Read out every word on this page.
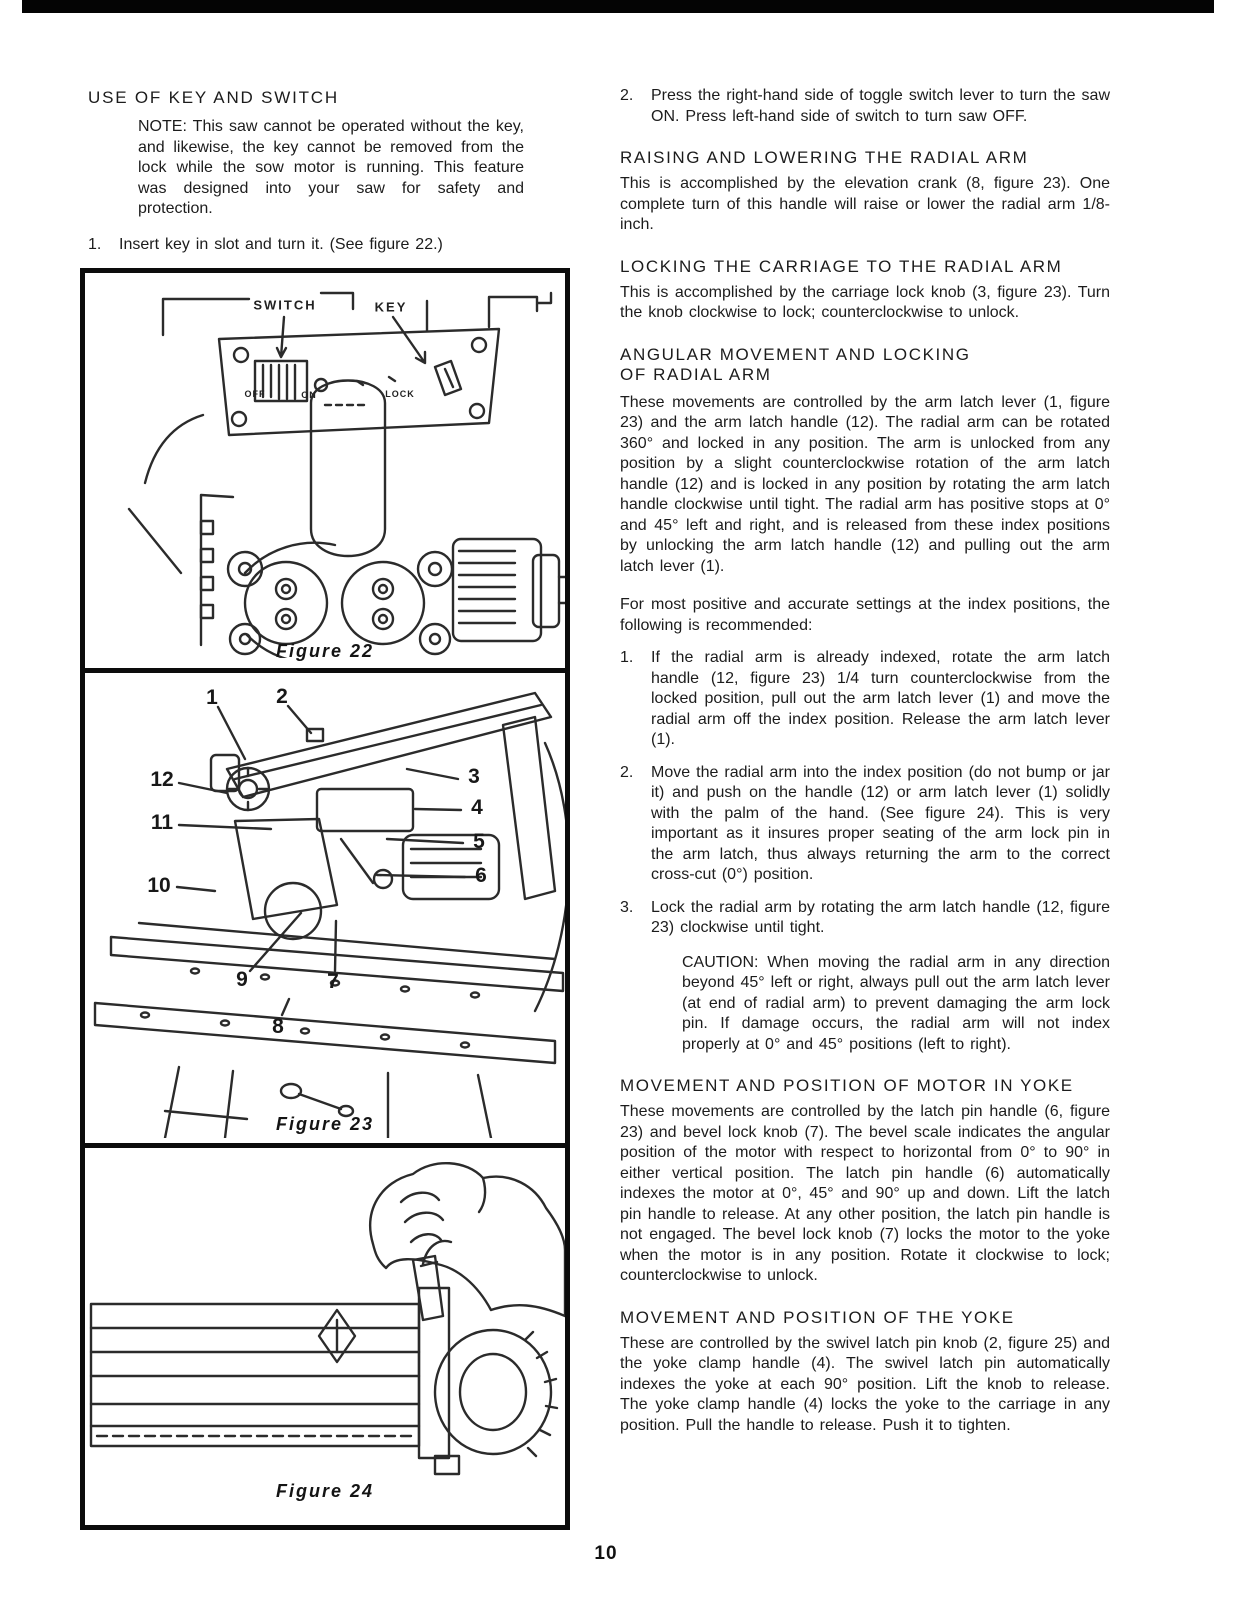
USE OF KEY AND SWITCH

NOTE: This saw cannot be operated without the key, and likewise, the key cannot be removed from the lock while the sow motor is running. This feature was designed into your saw for safety and protection.

1.	Insert key in slot and turn it. (See figure 22.)

SWITCH	KEY
OFF	ON	LOCK
Figure 22
1	2
12
11
10
3
4
5
6
9	7
8
Figure 23
Figure 24
2.	Press the right-hand side of toggle switch lever to turn the saw ON. Press left-hand side of switch to turn saw OFF.

RAISING AND LOWERING THE RADIAL ARM

This is accomplished by the elevation crank (8, figure 23). One complete turn of this handle will raise or lower the radial arm 1/8-inch.

LOCKING THE CARRIAGE TO THE RADIAL ARM

This is accomplished by the carriage lock knob (3, figure 23). Turn the knob clockwise to lock; counterclockwise to unlock.

ANGULAR MOVEMENT AND LOCKING
OF RADIAL ARM

These movements are controlled by the arm latch lever (1, figure 23) and the arm latch handle (12). The radial arm can be rotated 360° and locked in any position. The arm is unlocked from any position by a slight counterclockwise rotation of the arm latch handle (12) and is locked in any position by rotating the arm latch handle clockwise until tight. The radial arm has positive stops at 0° and 45° left and right, and is released from these index positions by unlocking the arm latch handle (12) and pulling out the arm latch lever (1).

For most positive and accurate settings at the index positions, the following is recommended:

1.	If the radial arm is already indexed, rotate the arm latch handle (12, figure 23) 1/4 turn counterclockwise from the locked position, pull out the arm latch lever (1) and move the radial arm off the index position. Release the arm latch lever (1).

2.	Move the radial arm into the index position (do not bump or jar it) and push on the handle (12) or arm latch lever (1) solidly with the palm of the hand. (See figure 24). This is very important as it insures proper seating of the arm lock pin in the arm latch, thus always returning the arm to the correct cross-cut (0°) position.

3.	Lock the radial arm by rotating the arm latch handle (12, figure 23) clockwise until tight.

CAUTION: When moving the radial arm in any direction beyond 45° left or right, always pull out the arm latch lever (at end of radial arm) to prevent damaging the arm lock pin. If damage occurs, the radial arm will not index properly at 0° and 45° positions (left to right).

MOVEMENT AND POSITION OF MOTOR IN YOKE

These movements are controlled by the latch pin handle (6, figure 23) and bevel lock knob (7). The bevel scale indicates the angular position of the motor with respect to horizontal from 0° to 90° in either vertical position. The latch pin handle (6) automatically indexes the motor at 0°, 45° and 90° up and down. Lift the latch pin handle to release. At any other position, the latch pin handle is not engaged. The bevel lock knob (7) locks the motor to the yoke when the motor is in any position. Rotate it clockwise to lock; counterclockwise to unlock.

MOVEMENT AND POSITION OF THE YOKE

These are controlled by the swivel latch pin knob (2, figure 25) and the yoke clamp handle (4). The swivel latch pin automatically indexes the yoke at each 90° position. Lift the knob to release. The yoke clamp handle (4) locks the yoke to the carriage in any position. Pull the handle to release. Push it to tighten.

10
